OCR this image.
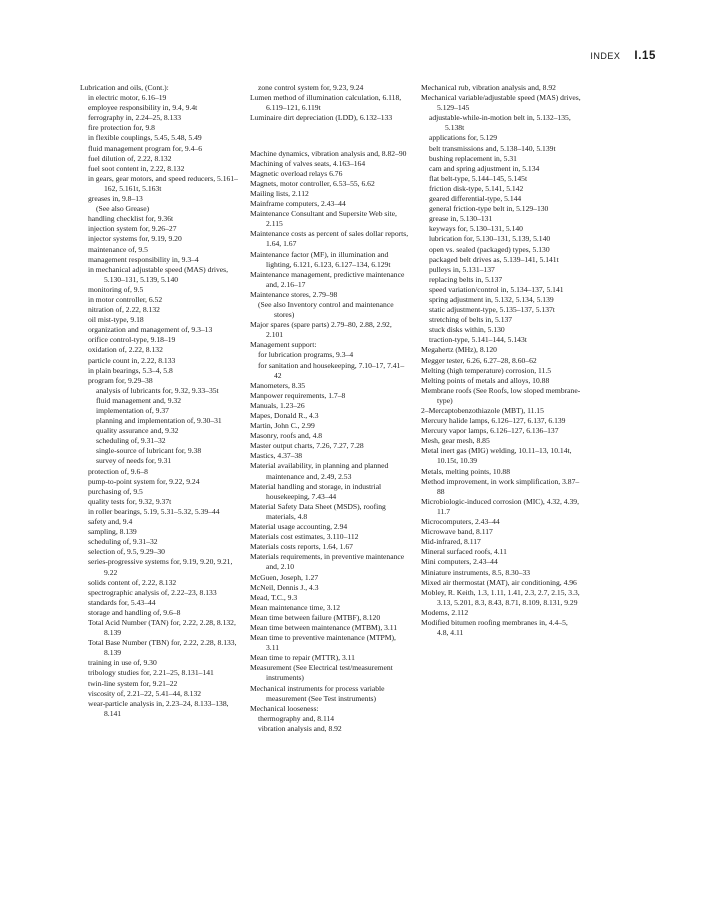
INDEX I.15

Lubrication and oils, (Cont.):

in electric motor, 6.16–19

employee responsibility in, 9.4, 9.4t

ferrography in, 2.24–25, 8.133

fire protection for, 9.8

in flexible couplings, 5.45, 5.48, 5.49

fluid management program for, 9.4–6

fuel dilution of, 2.22, 8.132

fuel soot content in, 2.22, 8.132

in gears, gear motors, and speed reducers, 5.161–162, 5.161t, 5.163t

greases in, 9.8–13

(See also Grease)

handling checklist for, 9.36t

injection system for, 9.26–27

injector systems for, 9.19, 9.20

maintenance of, 9.5

management responsibility in, 9.3–4

in mechanical adjustable speed (MAS) drives, 5.130–131, 5.139, 5.140

monitoring of, 9.5

in motor controller, 6.52

nitration of, 2.22, 8.132

oil mist-type, 9.18

organization and management of, 9.3–13

orifice control-type, 9.18–19

oxidation of, 2.22, 8.132

particle count in, 2.22, 8.133

in plain bearings, 5.3–4, 5.8

program for, 9.29–38

analysis of lubricants for, 9.32, 9.33–35t

fluid management and, 9.32

implementation of, 9.37

planning and implementation of, 9.30–31

quality assurance and, 9.32

scheduling of, 9.31–32

single-source of lubricant for, 9.38

survey of needs for, 9.31

protection of, 9.6–8

pump-to-point system for, 9.22, 9.24

purchasing of, 9.5

quality tests for, 9.32, 9.37t

in roller bearings, 5.19, 5.31–5.32, 5.39–44

safety and, 9.4

sampling, 8.139

scheduling of, 9.31–32

selection of, 9.5, 9.29–30

series-progressive systems for, 9.19, 9.20, 9.21, 9.22

solids content of, 2.22, 8.132

spectrographic analysis of, 2.22–23, 8.133

standards for, 5.43–44

storage and handling of, 9.6–8

Total Acid Number (TAN) for, 2.22, 2.28, 8.132, 8.139

Total Base Number (TBN) for, 2.22, 2.28, 8.133, 8.139

training in use of, 9.30

tribology studies for, 2.21–25, 8.131–141

twin-line system for, 9.21–22

viscosity of, 2.21–22, 5.41–44, 8.132

wear-particle analysis in, 2.23–24, 8.133–138, 8.141

zone control system for, 9.23, 9.24

Lumen method of illumination calculation, 6.118, 6.119–121, 6.119t

Luminaire dirt depreciation (LDD), 6.132–133

Machine dynamics, vibration analysis and, 8.82–90

Machining of valves seats, 4.163–164

Magnetic overload relays 6.76

Magnets, motor controller, 6.53–55, 6.62

Mailing lists, 2.112

Mainframe computers, 2.43–44

Maintenance Consultant and Supersite Web site, 2.115

Maintenance costs as percent of sales dollar reports, 1.64, 1.67

Maintenance factor (MF), in illumination and lighting, 6.121, 6.123, 6.127–134, 6.129t

Maintenance management, predictive maintenance and, 2.16–17

Maintenance stores, 2.79–98

(See also Inventory control and maintenance stores)

Major spares (spare parts) 2.79–80, 2.88, 2.92, 2.101

Management support:

for lubrication programs, 9.3–4

for sanitation and housekeeping, 7.10–17, 7.41–42

Manometers, 8.35

Manpower requirements, 1.7–8

Manuals, 1.23–26

Mapes, Donald R., 4.3

Martin, John C., 2.99

Masonry, roofs and, 4.8

Master output charts, 7.26, 7.27, 7.28

Mastics, 4.37–38

Material availability, in planning and planned maintenance and, 2.49, 2.53

Material handling and storage, in industrial housekeeping, 7.43–44

Material Safety Data Sheet (MSDS), roofing materials, 4.8

Material usage accounting, 2.94

Materials cost estimates, 3.110–112

Materials costs reports, 1.64, 1.67

Materials requirements, in preventive maintenance and, 2.10

McGuen, Joseph, 1.27

McNeil, Dennis J., 4.3

Mead, T.C., 9.3

Mean maintenance time, 3.12

Mean time between failure (MTBF), 8.120

Mean time between maintenance (MTBM), 3.11

Mean time to preventive maintenance (MTPM), 3.11

Mean time to repair (MTTR), 3.11

Measurement (See Electrical test/measurement instruments)

Mechanical instruments for process variable measurement (See Test instruments)

Mechanical looseness:

thermography and, 8.114

vibration analysis and, 8.92

Mechanical rub, vibration analysis and, 8.92

Mechanical variable/adjustable speed (MAS) drives, 5.129–145

adjustable-while-in-motion belt in, 5.132–135, 5.138t

applications for, 5.129

belt transmissions and, 5.138–140, 5.139t

bushing replacement in, 5.31

cam and spring adjustment in, 5.134

flat belt-type, 5.144–145, 5.145t

friction disk-type, 5.141, 5.142

geared differential-type, 5.144

general friction-type belt in, 5.129–130

grease in, 5.130–131

keyways for, 5.130–131, 5.140

lubrication for, 5.130–131, 5.139, 5.140

open vs. sealed (packaged) types, 5.130

packaged belt drives as, 5.139–141, 5.141t

pulleys in, 5.131–137

replacing belts in, 5.137

speed variation/control in, 5.134–137, 5.141

spring adjustment in, 5.132, 5.134, 5.139

static adjustment-type, 5.135–137, 5.137t

stretching of belts in, 5.137

stuck disks within, 5.130

traction-type, 5.141–144, 5.143t

Megahertz (MHz), 8.120

Megger tester, 6.26, 6.27–28, 8.60–62

Melting (high temperature) corrosion, 11.5

Melting points of metals and alloys, 10.88

Membrane roofs (See Roofs, low sloped membrane-type)

2–Mercaptobenzothiazole (MBT), 11.15

Mercury halide lamps, 6.126–127, 6.137, 6.139

Mercury vapor lamps, 6.126–127, 6.136–137

Mesh, gear mesh, 8.85

Metal inert gas (MIG) welding, 10.11–13, 10.14t, 10.15t, 10.39

Metals, melting points, 10.88

Method improvement, in work simplification, 3.87–88

Microbiologic-induced corrosion (MIC), 4.32, 4.39, 11.7

Microcomputers, 2.43–44

Microwave band, 8.117

Mid-infrared, 8.117

Mineral surfaced roofs, 4.11

Mini computers, 2.43–44

Miniature instruments, 8.5, 8.30–33

Mixed air thermostat (MAT), air conditioning, 4.96

Mobley, R. Keith, 1.3, 1.11, 1.41, 2.3, 2.7, 2.15, 3.3, 3.13, 5.201, 8.3, 8.43, 8.71, 8.109, 8.131, 9.29

Modems, 2.112

Modified bitumen roofing membranes in, 4.4–5, 4.8, 4.11
